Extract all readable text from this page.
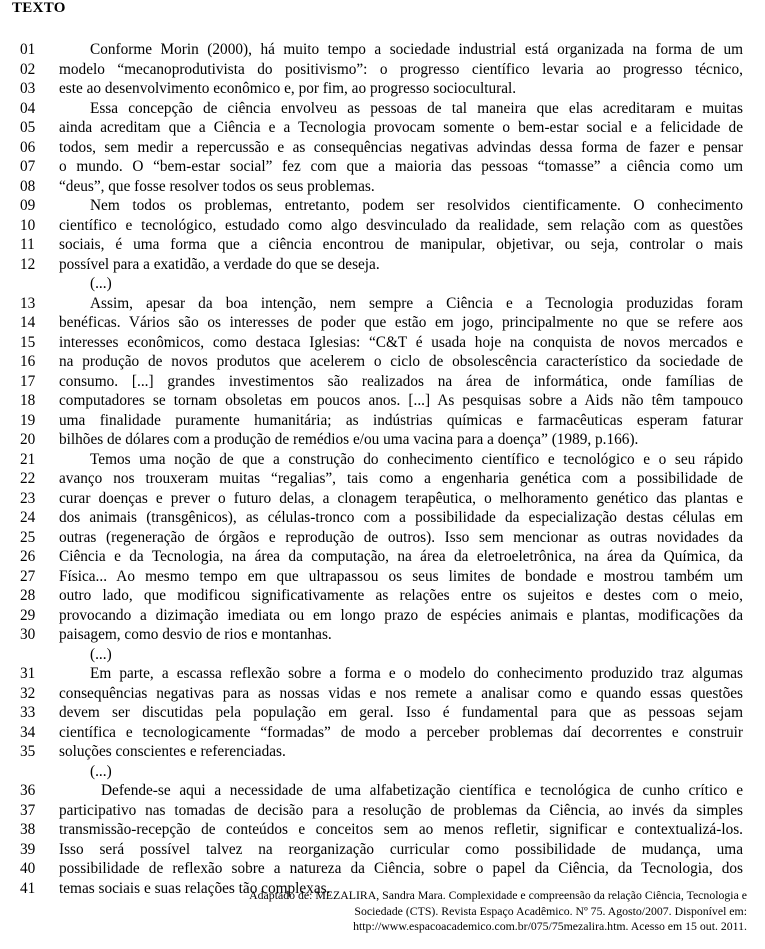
TEXTO
01	Conforme Morin (2000), há muito tempo a sociedade industrial está organizada na forma de um
02	modelo “mecanoprodutivista do positivismo”: o progresso científico levaria ao progresso técnico,
03	este ao desenvolvimento econômico e, por fim, ao progresso sociocultural.
04	Essa concepção de ciência envolveu as pessoas de tal maneira que elas acreditaram e muitas
05	ainda acreditam que a Ciência e a Tecnologia provocam somente o bem-estar social e a felicidade de
06	todos, sem medir a repercussão e as consequências negativas advindas dessa forma de fazer e pensar
07	o mundo. O “bem-estar social” fez com que a maioria das pessoas “tomasse” a ciência como um
08	“deus”, que fosse resolver todos os seus problemas.
09	Nem todos os problemas, entretanto, podem ser resolvidos cientificamente. O conhecimento
10	científico e tecnológico, estudado como algo desvinculado da realidade, sem relação com as questões
11	sociais, é uma forma que a ciência encontrou de manipular, objetivar, ou seja, controlar o mais
12	possível para a exatidão, a verdade do que se deseja.
(...)
13	Assim, apesar da boa intenção, nem sempre a Ciência e a Tecnologia produzidas foram
14	benéficas. Vários são os interesses de poder que estão em jogo, principalmente no que se refere aos
15	interesses econômicos, como destaca Iglesias: “C&T é usada hoje na conquista de novos mercados e
16	na produção de novos produtos que acelerem o ciclo de obsolescência característico da sociedade de
17	consumo. [...] grandes investimentos são realizados na área de informática, onde famílias de
18	computadores se tornam obsoletas em poucos anos. [...] As pesquisas sobre a Aids não têm tampouco
19	uma finalidade puramente humanitária; as indústrias químicas e farmacêuticas esperam faturar
20	bilhões de dólares com a produção de remédios e/ou uma vacina para a doença” (1989, p.166).
21	Temos uma noção de que a construção do conhecimento científico e tecnológico e o seu rápido
22	avanço nos trouxeram muitas “regalias”, tais como a engenharia genética com a possibilidade de
23	curar doenças e prever o futuro delas, a clonagem terapêutica, o melhoramento genético das plantas e
24	dos animais (transgênicos), as células-tronco com a possibilidade da especialização destas células em
25	outras (regeneração de órgãos e reprodução de outros). Isso sem mencionar as outras novidades da
26	Ciência e da Tecnologia, na área da computação, na área da eletroeletrônica, na área da Química, da
27	Física... Ao mesmo tempo em que ultrapassou os seus limites de bondade e mostrou também um
28	outro lado, que modificou significativamente as relações entre os sujeitos e destes com o meio,
29	provocando a dizimação imediata ou em longo prazo de espécies animais e plantas, modificações da
30	paisagem, como desvio de rios e montanhas.
(...)
31	Em parte, a escassa reflexão sobre a forma e o modelo do conhecimento produzido traz algumas
32	consequências negativas para as nossas vidas e nos remete a analisar como e quando essas questões
33	devem ser discutidas pela população em geral. Isso é fundamental para que as pessoas sejam
34	científica e tecnologicamente “formadas” de modo a perceber problemas daí decorrentes e construir
35	soluções conscientes e referenciadas.
(...)
36	Defende-se aqui a necessidade de uma alfabetização científica e tecnológica de cunho crítico e
37	participativo nas tomadas de decisão para a resolução de problemas da Ciência, ao invés da simples
38	transmissão-recepção de conteúdos e conceitos sem ao menos refletir, significar e contextualizá-los.
39	Isso será possível talvez na reorganização curricular como possibilidade de mudança, uma
40	possibilidade de reflexão sobre a natureza da Ciência, sobre o papel da Ciência, da Tecnologia, dos
41	temas sociais e suas relações tão complexas.
Adaptado de: MEZALIRA, Sandra Mara. Complexidade e compreensão da relação Ciência, Tecnologia e
Sociedade (CTS). Revista Espaço Acadêmico. Nº 75. Agosto/2007. Disponível em:
http://www.espacoacademico.com.br/075/75mezalira.htm. Acesso em 15 out. 2011.
